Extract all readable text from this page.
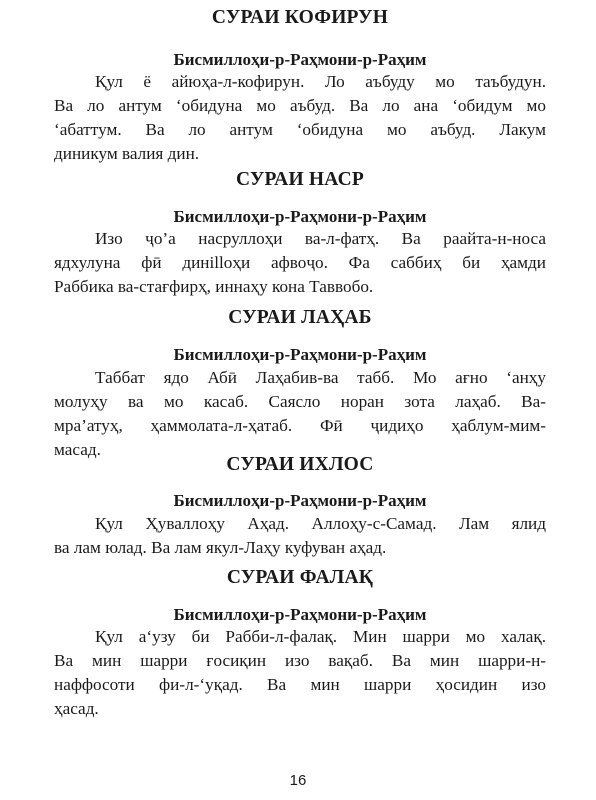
СУРАИ КОФИРУН
Бисмиллоҳи-р-Раҳмони-р-Раҳим
Қул ё айюҳа-л-кофирун. Ло аъбуду мо таъбудун.
Ва ло антум ‘обидуна мо аъбуд. Ва ло ана ‘обидум мо
‘абаттум. Ва ло антум ‘обидуна мо аъбуд. Лакум
диникум валия дин.
СУРАИ НАСР
Бисмиллоҳи-р-Раҳмони-р-Раҳим
Изо ҷо’а насруллоҳи ва-л-фатҳ. Ва раайта-н-носа
ядхулуна фӣ динillоҳи афвоҷо. Фа саббиҳ би ҳамди
Раббика ва-стағфирҳ, иннаҳу кона Таввобо.
СУРАИ ЛАҲАБ
Бисмиллоҳи-р-Раҳмони-р-Раҳим
Таббат ядо Абӣ Лаҳабив-ва табб. Мо ағно ‘анҳу
молуҳу ва мо касаб. Саясло норан зота лаҳаб. Ва-
мра’атуҳ, ҳаммолата-л-ҳатаб. Фӣ ҷидиҳо ҳаблум-мим-
масад.
СУРАИ ИХЛОС
Бисмиллоҳи-р-Раҳмони-р-Раҳим
Қул Ҳуваллоҳу Аҳад. Аллоҳу-с-Самад. Лам ялид
ва лам юлад. Ва лам якул-Лаҳу куфуван аҳад.
СУРАИ ФАЛАҚ
Бисмиллоҳи-р-Раҳмони-р-Раҳим
Қул а‘узу би Рабби-л-фалақ. Мин шарри мо халақ.
Ва мин шарри ғосиқин изо вақаб. Ва мин шарри-н-
наффосоти фи-л-‘уқад. Ва мин шарри ҳосидин изо
ҳасад.
16
